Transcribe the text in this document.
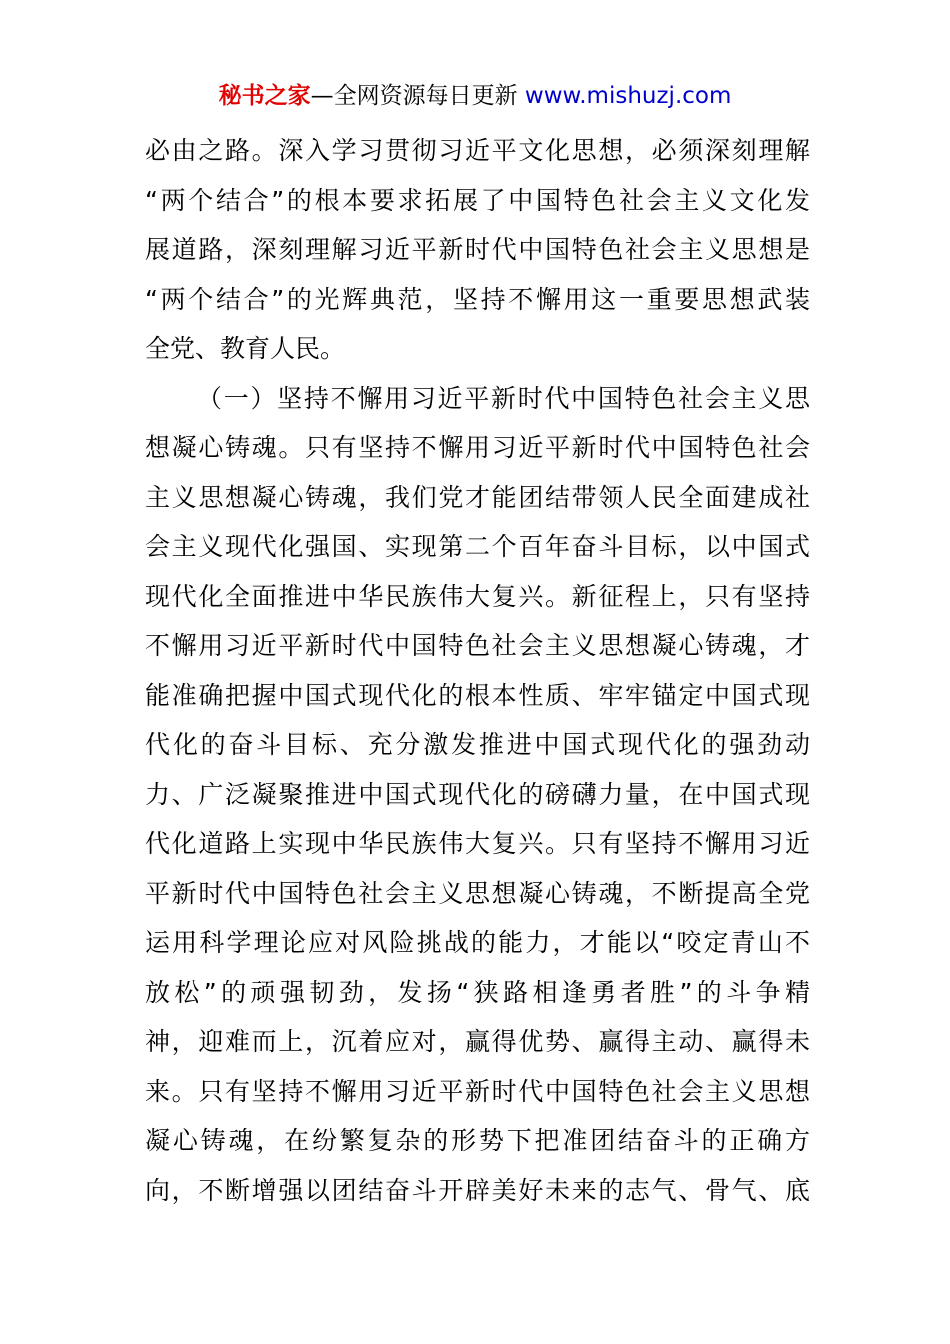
秘书之家—全网资源每日更新 www.mishuzj.com
必由之路。深入学习贯彻习近平文化思想，必须深刻理解
“两个结合”的根本要求拓展了中国特色社会主义文化发
展道路，深刻理解习近平新时代中国特色社会主义思想是
“两个结合”的光辉典范，坚持不懈用这一重要思想武装
全党、教育人民。
（一）坚持不懈用习近平新时代中国特色社会主义思
想凝心铸魂。只有坚持不懈用习近平新时代中国特色社会
主义思想凝心铸魂，我们党才能团结带领人民全面建成社
会主义现代化强国、实现第二个百年奋斗目标，以中国式
现代化全面推进中华民族伟大复兴。新征程上，只有坚持
不懈用习近平新时代中国特色社会主义思想凝心铸魂，才
能准确把握中国式现代化的根本性质、牢牢锚定中国式现
代化的奋斗目标、充分激发推进中国式现代化的强劲动
力、广泛凝聚推进中国式现代化的磅礴力量，在中国式现
代化道路上实现中华民族伟大复兴。只有坚持不懈用习近
平新时代中国特色社会主义思想凝心铸魂，不断提高全党
运用科学理论应对风险挑战的能力，才能以“咬定青山不
放松”的顽强韧劲，发扬“狭路相逢勇者胜”的斗争精
神，迎难而上，沉着应对，赢得优势、赢得主动、赢得未
来。只有坚持不懈用习近平新时代中国特色社会主义思想
凝心铸魂，在纷繁复杂的形势下把准团结奋斗的正确方
向，不断增强以团结奋斗开辟美好未来的志气、骨气、底
